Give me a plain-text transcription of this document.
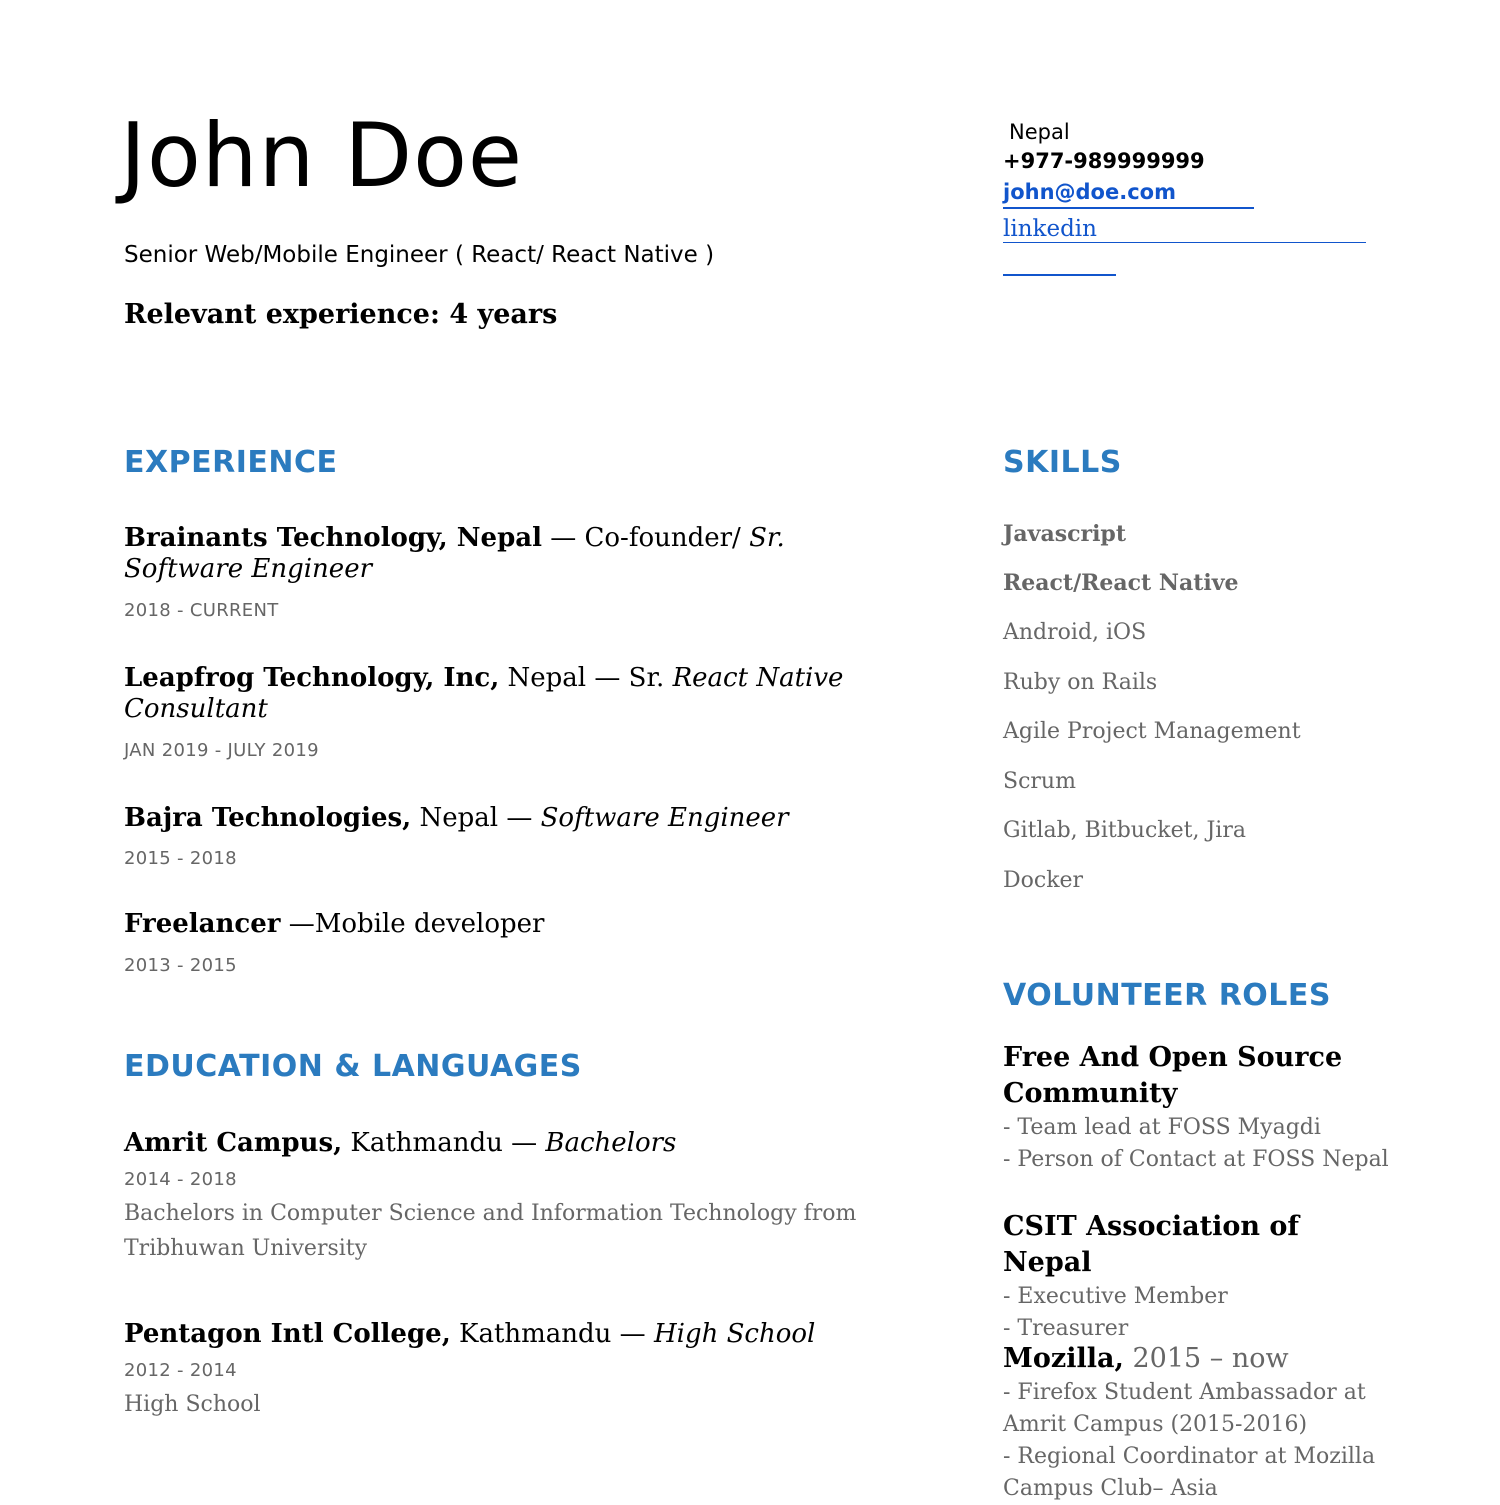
John Doe
Senior Web/Mobile Engineer ( React/ React Native )
Relevant experience: 4 years
Nepal
+977-989999999
john@doe.com
linkedin
EXPERIENCE
Brainants Technology, Nepal — Co-founder/ Sr. Software Engineer
2018 - CURRENT
Leapfrog Technology, Inc, Nepal — Sr. React Native Consultant
JAN 2019 - JULY 2019
Bajra Technologies, Nepal — Software Engineer
2015 - 2018
Freelancer —Mobile developer
2013 - 2015
EDUCATION & LANGUAGES
Amrit Campus, Kathmandu — Bachelors
2014 - 2018
Bachelors in Computer Science and Information Technology from Tribhuwan University
Pentagon Intl College, Kathmandu — High School
2012 - 2014
High School
SKILLS
Javascript
React/React Native
Android, iOS
Ruby on Rails
Agile Project Management
Scrum
Gitlab, Bitbucket, Jira
Docker
VOLUNTEER ROLES
Free And Open Source Community
- Team lead at FOSS Myagdi
- Person of Contact at FOSS Nepal
CSIT Association of Nepal
- Executive Member
- Treasurer
Mozilla, 2015 – now
- Firefox Student Ambassador at Amrit Campus (2015-2016)
- Regional Coordinator at Mozilla Campus Club– Asia
